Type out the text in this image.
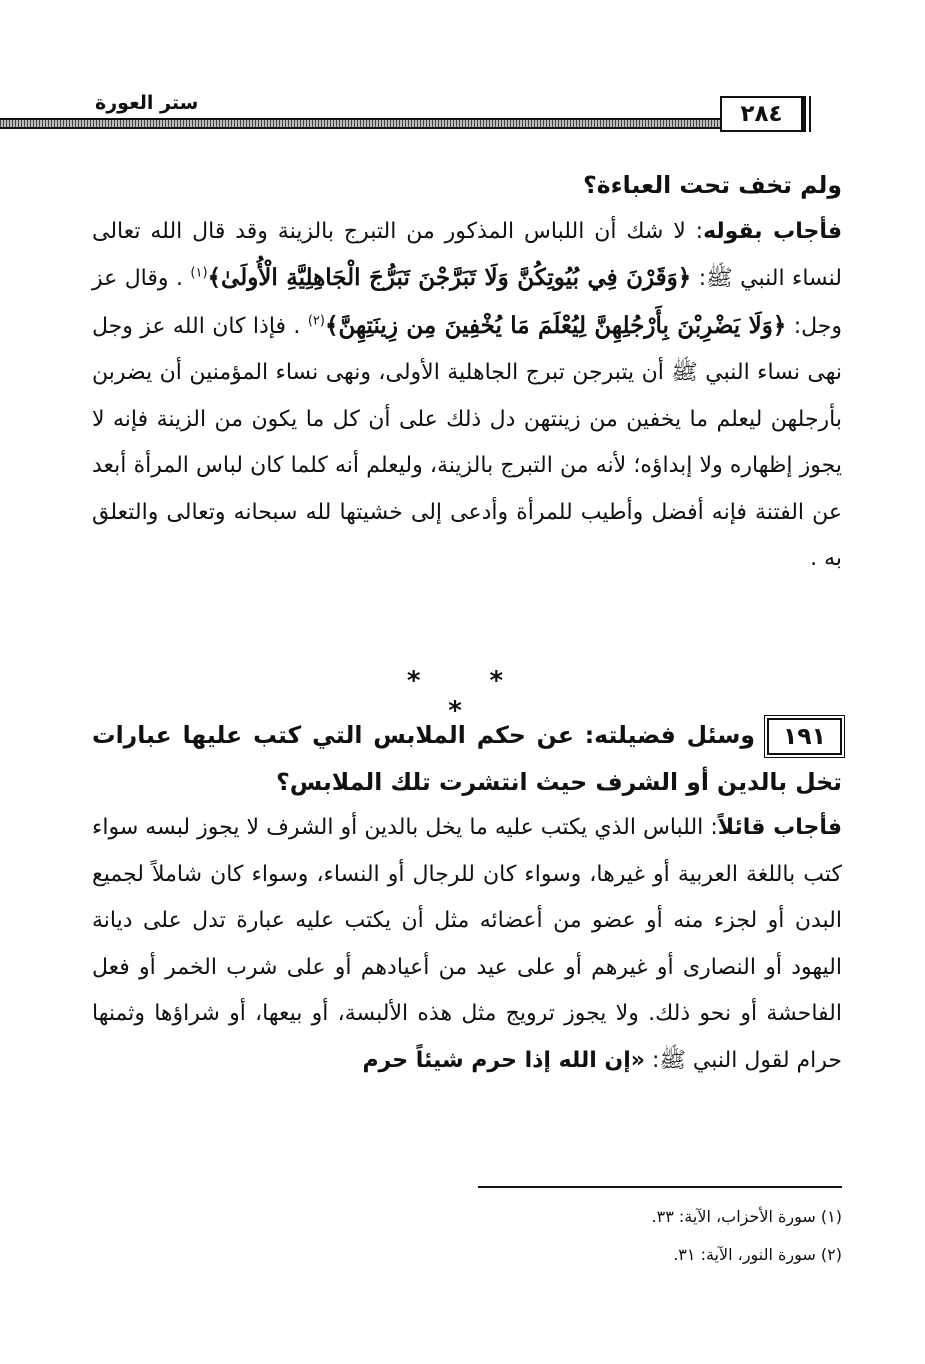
ستر العورة	٢٨٤
ولم تخف تحت العباءة؟
فأجاب بقوله: لا شك أن اللباس المذكور من التبرج بالزينة وقد قال الله تعالى لنساء النبي ﷺ: ﴿وَقَرْنَ فِي بُيُوتِكُنَّ وَلَا تَبَرَّجْنَ تَبَرُّجَ الْجَاهِلِيَّةِ الْأُولَىٰ﴾$^{(١)}$ . وقال عز وجل: ﴿وَلَا يَضْرِبْنَ بِأَرْجُلِهِنَّ لِيُعْلَمَ مَا يُخْفِينَ مِن زِينَتِهِنَّ﴾$^{(٢)}$ . فإذا كان الله عز وجل نهى نساء النبي ﷺ أن يتبرجن تبرج الجاهلية الأولى، ونهى نساء المؤمنين أن يضربن بأرجلهن ليعلم ما يخفين من زينتهن دل ذلك على أن كل ما يكون من الزينة فإنه لا يجوز إظهاره ولا إبداؤه؛ لأنه من التبرج بالزينة، وليعلم أنه كلما كان لباس المرأة أبعد عن الفتنة فإنه أفضل وأطيب للمرأة وأدعى إلى خشيتها لله سبحانه وتعالى والتعلق به .
* * *
١٩١وسئل فضيلته: عن حكم الملابس التي كتب عليها عبارات تخل بالدين أو الشرف حيث انتشرت تلك الملابس؟
فأجاب قائلاً: اللباس الذي يكتب عليه ما يخل بالدين أو الشرف لا يجوز لبسه سواء كتب باللغة العربية أو غيرها، وسواء كان للرجال أو النساء، وسواء كان شاملاً لجميع البدن أو لجزء منه أو عضو من أعضائه مثل أن يكتب عليه عبارة تدل على ديانة اليهود أو النصارى أو غيرهم أو على عيد من أعيادهم أو على شرب الخمر أو فعل الفاحشة أو نحو ذلك. ولا يجوز ترويج مثل هذه الألبسة، أو بيعها، أو شراؤها وثمنها حرام لقول النبي ﷺ: «إن الله إذا حرم شيئاً حرم
(١) سورة الأحزاب، الآية: ٣٣.
(٢) سورة النور، الآية: ٣١.
